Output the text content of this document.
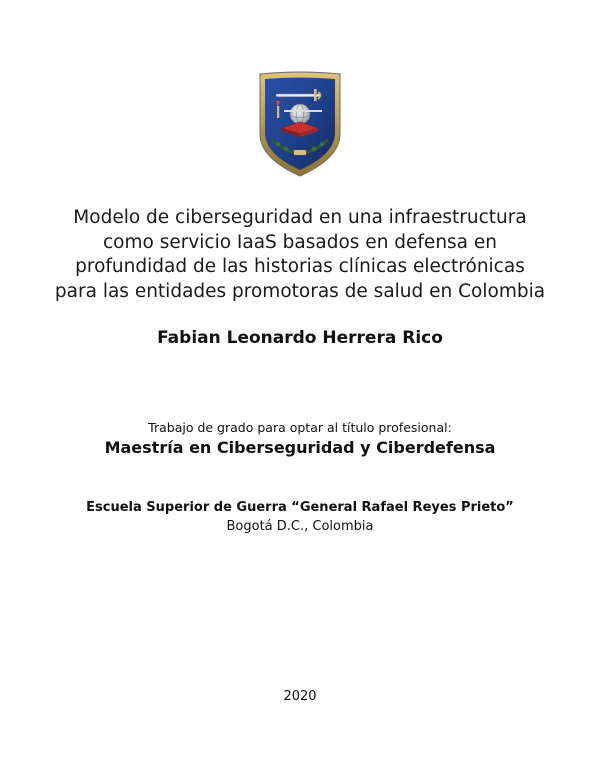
Modelo de ciberseguridad en una infraestructura
como servicio IaaS basados en defensa en
profundidad de las historias clínicas electrónicas
para las entidades promotoras de salud en Colombia
Fabian Leonardo Herrera Rico
Trabajo de grado para optar al título profesional:
Maestría en Ciberseguridad y Ciberdefensa
Escuela Superior de Guerra “General Rafael Reyes Prieto”
Bogotá D.C., Colombia
2020
